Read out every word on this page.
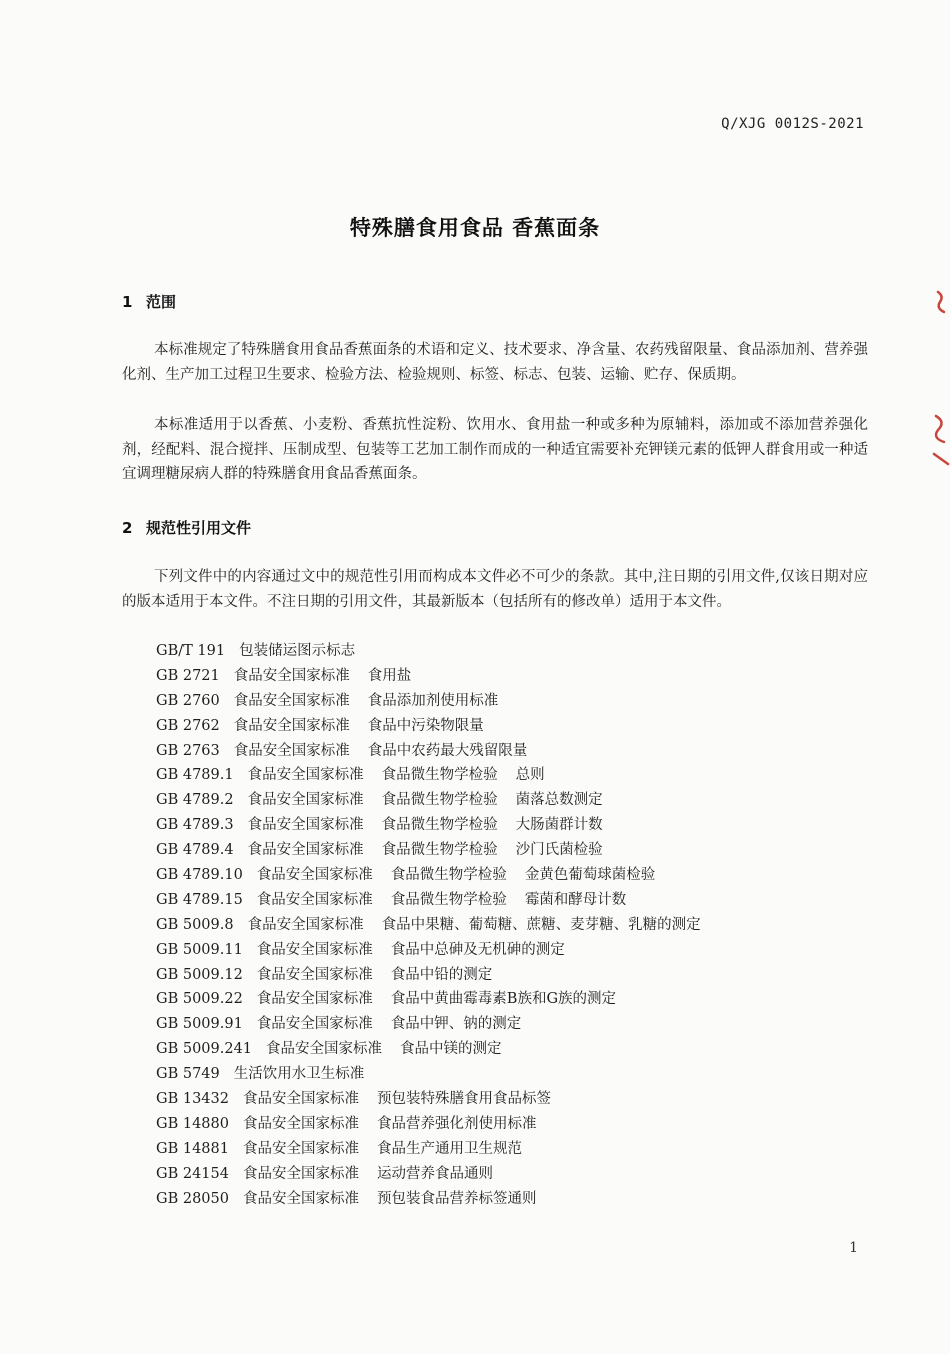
Q/XJG 0012S-2021
特殊膳食用食品 香蕉面条
1 范围
本标准规定了特殊膳食用食品香蕉面条的术语和定义、技术要求、净含量、农药残留限量、食品添加剂、营养强化剂、生产加工过程卫生要求、检验方法、检验规则、标签、标志、包装、运输、贮存、保质期。
本标准适用于以香蕉、小麦粉、香蕉抗性淀粉、饮用水、食用盐一种或多种为原辅料，添加或不添加营养强化剂，经配料、混合搅拌、压制成型、包装等工艺加工制作而成的一种适宜需要补充钾镁元素的低钾人群食用或一种适宜调理糖尿病人群的特殊膳食用食品香蕉面条。
2 规范性引用文件
下列文件中的内容通过文中的规范性引用而构成本文件必不可少的条款。其中,注日期的引用文件,仅该日期对应的版本适用于本文件。不注日期的引用文件，其最新版本（包括所有的修改单）适用于本文件。
GB/T 191 包装储运图示标志
GB 2721 食品安全国家标准 食用盐
GB 2760 食品安全国家标准 食品添加剂使用标准
GB 2762 食品安全国家标准 食品中污染物限量
GB 2763 食品安全国家标准 食品中农药最大残留限量
GB 4789.1 食品安全国家标准 食品微生物学检验 总则
GB 4789.2 食品安全国家标准 食品微生物学检验 菌落总数测定
GB 4789.3 食品安全国家标准 食品微生物学检验 大肠菌群计数
GB 4789.4 食品安全国家标准 食品微生物学检验 沙门氏菌检验
GB 4789.10 食品安全国家标准 食品微生物学检验 金黄色葡萄球菌检验
GB 4789.15 食品安全国家标准 食品微生物学检验 霉菌和酵母计数
GB 5009.8 食品安全国家标准 食品中果糖、葡萄糖、蔗糖、麦芽糖、乳糖的测定
GB 5009.11 食品安全国家标准 食品中总砷及无机砷的测定
GB 5009.12 食品安全国家标准 食品中铅的测定
GB 5009.22 食品安全国家标准 食品中黄曲霉毒素B族和G族的测定
GB 5009.91 食品安全国家标准 食品中钾、钠的测定
GB 5009.241 食品安全国家标准 食品中镁的测定
GB 5749 生活饮用水卫生标准
GB 13432 食品安全国家标准 预包装特殊膳食用食品标签
GB 14880 食品安全国家标准 食品营养强化剂使用标准
GB 14881 食品安全国家标准 食品生产通用卫生规范
GB 24154 食品安全国家标准 运动营养食品通则
GB 28050 食品安全国家标准 预包装食品营养标签通则
1
